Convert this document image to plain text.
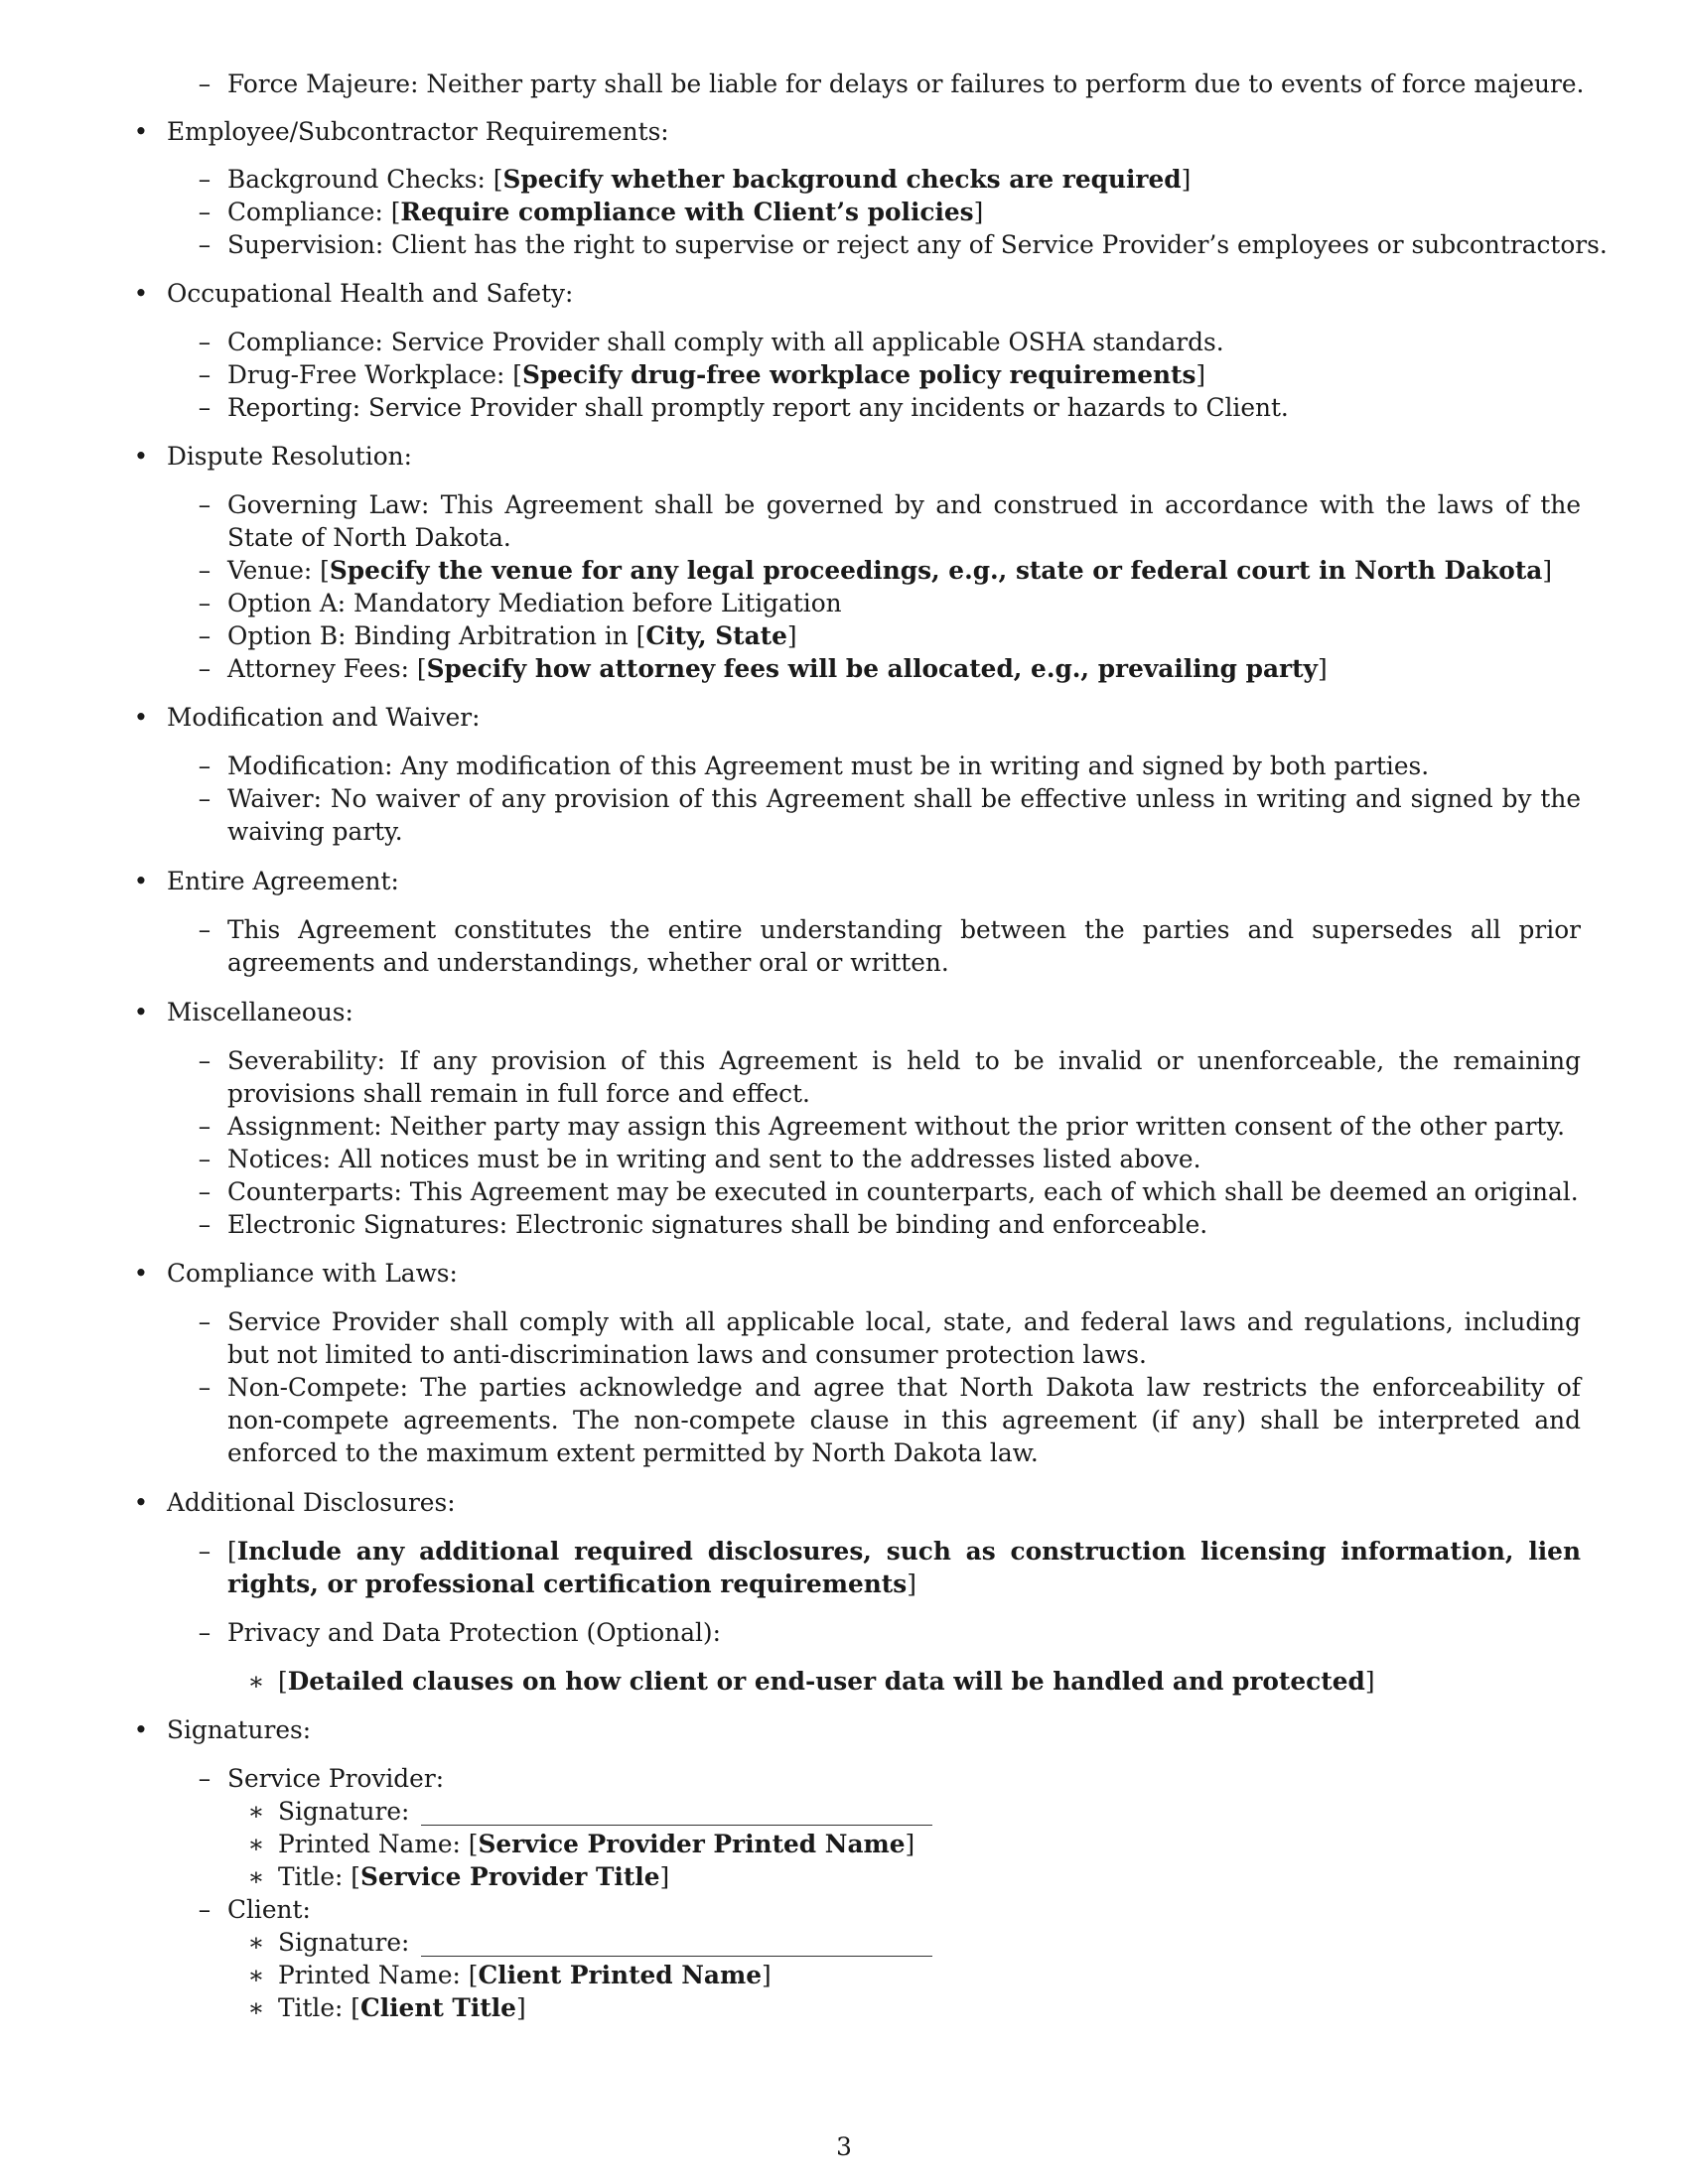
– Force Majeure: Neither party shall be liable for delays or failures to perform due to events of force majeure.
• Employee/Subcontractor Requirements:
– Background Checks: [Specify whether background checks are required]
– Compliance: [Require compliance with Client’s policies]
– Supervision: Client has the right to supervise or reject any of Service Provider’s employees or subcontractors.
• Occupational Health and Safety:
– Compliance: Service Provider shall comply with all applicable OSHA standards.
– Drug-Free Workplace: [Specify drug-free workplace policy requirements]
– Reporting: Service Provider shall promptly report any incidents or hazards to Client.
• Dispute Resolution:
– Governing Law: This Agreement shall be governed by and construed in accordance with the laws of the State of North Dakota.
– Venue: [Specify the venue for any legal proceedings, e.g., state or federal court in North Dakota]
– Option A: Mandatory Mediation before Litigation
– Option B: Binding Arbitration in [City, State]
– Attorney Fees: [Specify how attorney fees will be allocated, e.g., prevailing party]
• Modification and Waiver:
– Modification: Any modification of this Agreement must be in writing and signed by both parties.
– Waiver: No waiver of any provision of this Agreement shall be effective unless in writing and signed by the waiving party.
• Entire Agreement:
– This Agreement constitutes the entire understanding between the parties and supersedes all prior agreements and understandings, whether oral or written.
• Miscellaneous:
– Severability: If any provision of this Agreement is held to be invalid or unenforceable, the remaining provisions shall remain in full force and effect.
– Assignment: Neither party may assign this Agreement without the prior written consent of the other party.
– Notices: All notices must be in writing and sent to the addresses listed above.
– Counterparts: This Agreement may be executed in counterparts, each of which shall be deemed an original.
– Electronic Signatures: Electronic signatures shall be binding and enforceable.
• Compliance with Laws:
– Service Provider shall comply with all applicable local, state, and federal laws and regulations, including but not limited to anti-discrimination laws and consumer protection laws.
– Non-Compete: The parties acknowledge and agree that North Dakota law restricts the enforceability of non-compete agreements. The non-compete clause in this agreement (if any) shall be interpreted and enforced to the maximum extent permitted by North Dakota law.
• Additional Disclosures:
– [Include any additional required disclosures, such as construction licensing information, lien rights, or professional certification requirements]
– Privacy and Data Protection (Optional):
∗ [Detailed clauses on how client or end-user data will be handled and protected]
• Signatures:
– Service Provider:
∗ Signature:
∗ Printed Name: [Service Provider Printed Name]
∗ Title: [Service Provider Title]
– Client:
∗ Signature:
∗ Printed Name: [Client Printed Name]
∗ Title: [Client Title]
3
